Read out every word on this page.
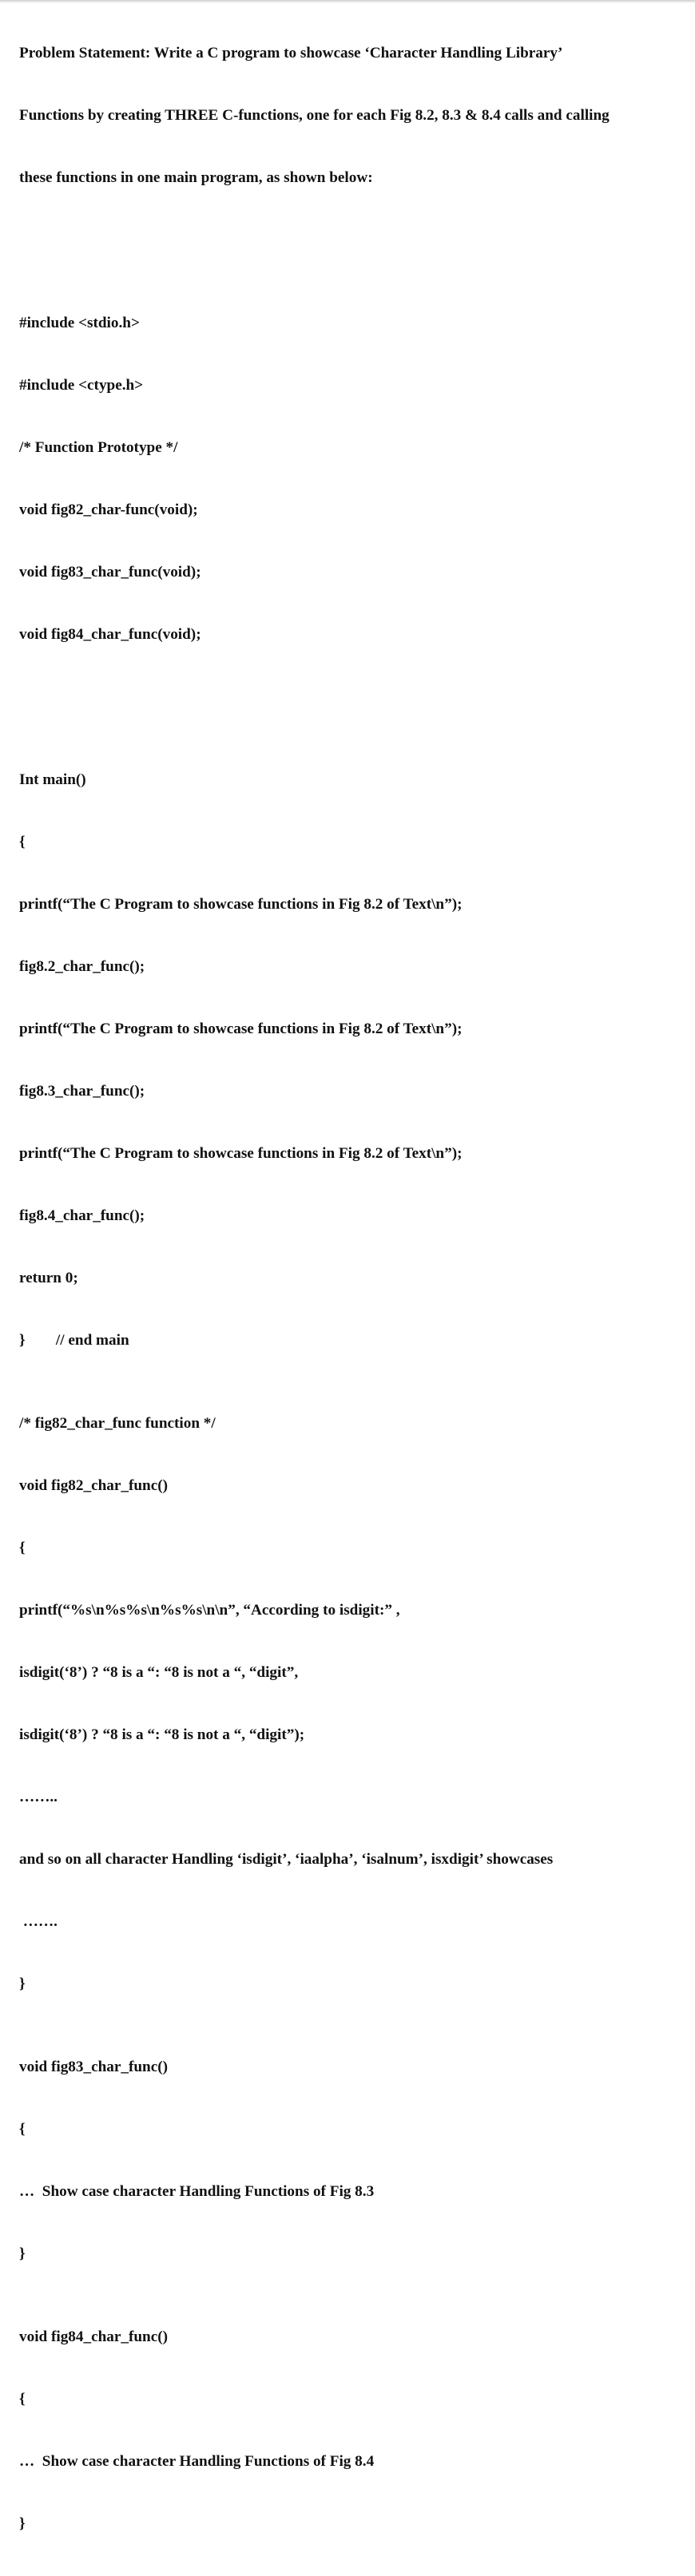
Problem Statement: Write a C program to showcase ‘Character Handling Library’

Functions by creating THREE C-functions, one for each Fig 8.2, 8.3 & 8.4 calls and calling

these functions in one main program, as shown below:

#include <stdio.h>

#include <ctype.h>

/* Function Prototype */

void fig82_char-func(void);

void fig83_char_func(void);

void fig84_char_func(void);

Int main()

{

printf(“The C Program to showcase functions in Fig 8.2 of Text\n”);

fig8.2_char_func();

printf(“The C Program to showcase functions in Fig 8.2 of Text\n”);

fig8.3_char_func();

printf(“The C Program to showcase functions in Fig 8.2 of Text\n”);

fig8.4_char_func();

return 0;

}        // end main

/* fig82_char_func function */

void fig82_char_func()

{

printf(“%s\n%s%s\n%s%s\n\n”, “According to isdigit:” ,

isdigit(‘8’) ? “8 is a “: “8 is not a “, “digit”,

isdigit(‘8’) ? “8 is a “: “8 is not a “, “digit”);

……..

and so on all character Handling ‘isdigit’, ‘iaalpha’, ‘isalnum’, isxdigit’ showcases

…….

}

void fig83_char_func()

{

…  Show case character Handling Functions of Fig 8.3

}

void fig84_char_func()

{

…  Show case character Handling Functions of Fig 8.4

}
